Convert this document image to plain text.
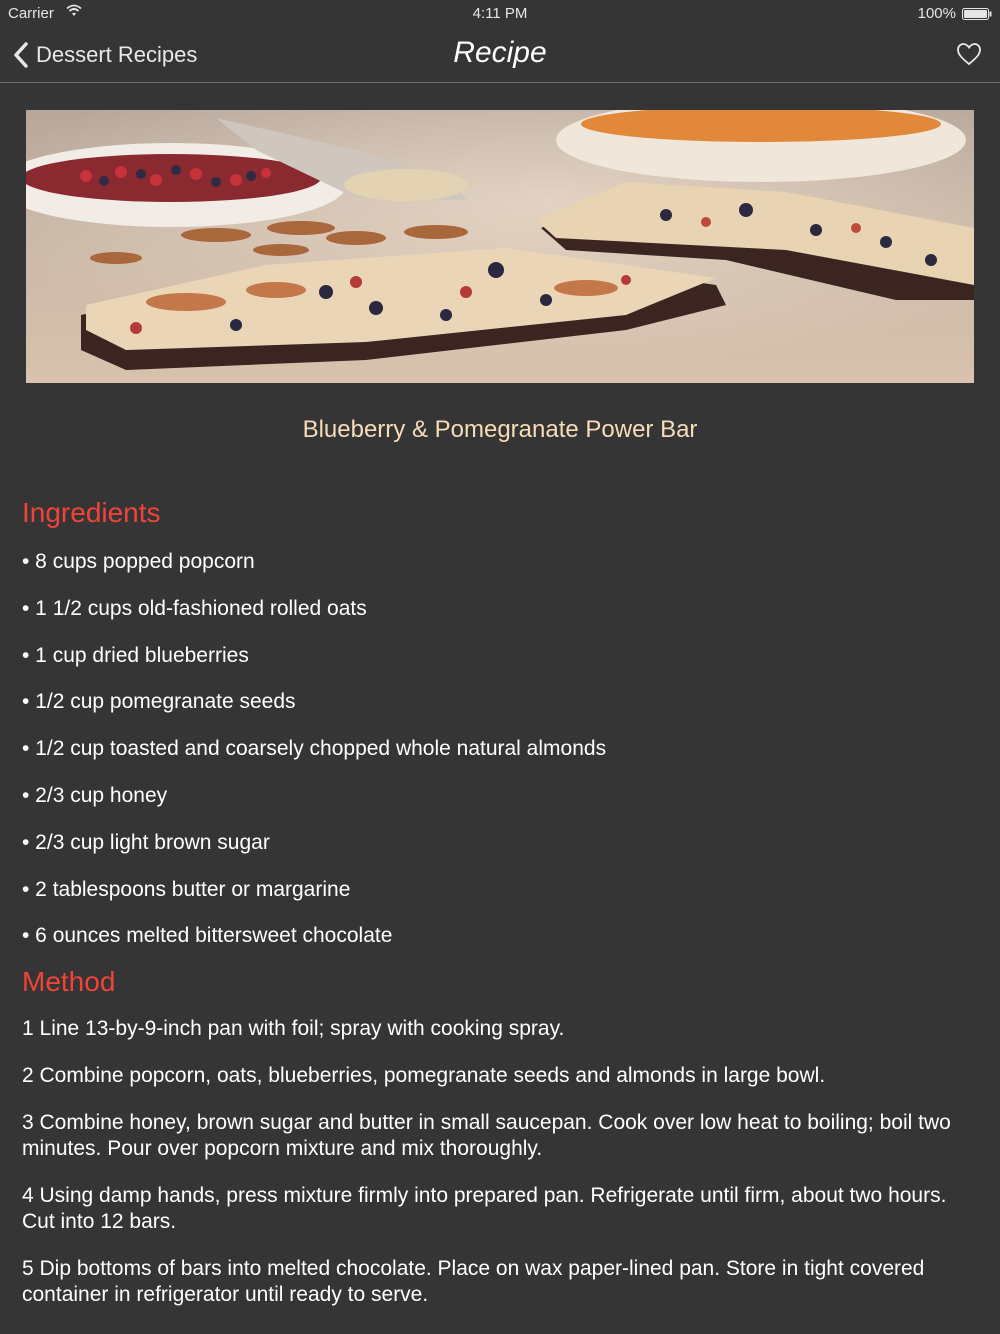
Carrier	4:11 PM	100%
Dessert Recipes	Recipe
Blueberry & Pomegranate Power Bar
Ingredients
• 8 cups popped popcorn
• 1 1/2 cups old-fashioned rolled oats
• 1 cup dried blueberries
• 1/2 cup pomegranate seeds
• 1/2 cup toasted and coarsely chopped whole natural almonds
• 2/3 cup honey
• 2/3 cup light brown sugar
• 2 tablespoons butter or margarine
• 6 ounces melted bittersweet chocolate
Method
1 Line 13-by-9-inch pan with foil; spray with cooking spray.
2 Combine popcorn, oats, blueberries, pomegranate seeds and almonds in large bowl.
3 Combine honey, brown sugar and butter in small saucepan. Cook over low heat to boiling; boil two minutes. Pour over popcorn mixture and mix thoroughly.
4 Using damp hands, press mixture firmly into prepared pan. Refrigerate until firm, about two hours. Cut into 12 bars.
5 Dip bottoms of bars into melted chocolate. Place on wax paper-lined pan. Store in tight covered container in refrigerator until ready to serve.
